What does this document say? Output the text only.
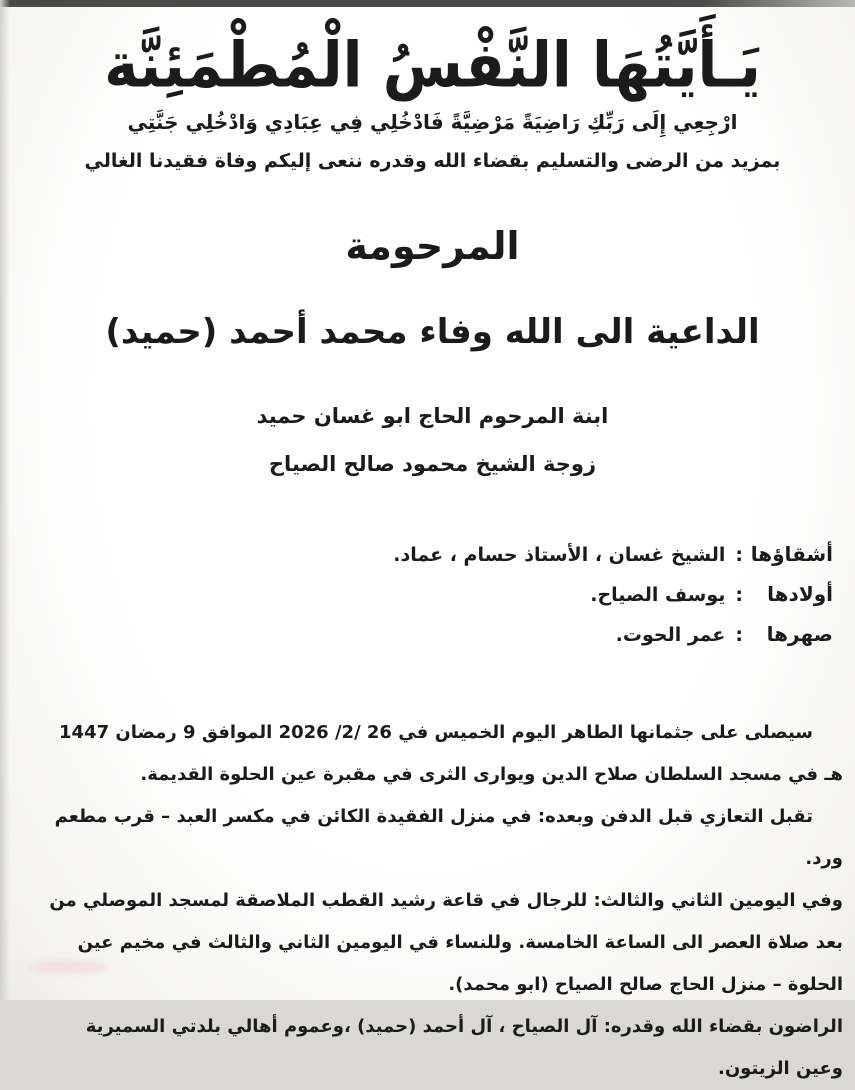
يَـأَيَّتُهَا النَّفْسُ الْمُطْمَئِنَّة
ارْجِعِي إِلَى رَبِّكِ رَاضِيَةً مَرْضِيَّةً فَادْخُلِي فِي عِبَادِي وَادْخُلِي جَنَّتِي

بمزيد من الرضى والتسليم بقضاء الله وقدره ننعى إليكم وفاة فقيدنا الغالي

المرحومة
الداعية الى الله وفاء محمد أحمد (حميد)

ابنة المرحوم الحاج ابو غسان حميد

زوجة الشيخ محمود صالح الصياح

أشقاؤها
:
الشيخ غسان ، الأستاذ حسام ، عماد.
أولادها
:
يوسف الصياح.
صهرها
:
عمر الحوت.

سيصلى على جثمانها الطاهر اليوم الخميس في 26 /2/ 2026 الموافق 9 رمضان 1447 هـ في مسجد السلطان صلاح الدين ويوارى الثرى في مقبرة عين الحلوة القديمة.

تقبل التعازي قبل الدفن وبعده: في منزل الفقيدة الكائن في مكسر العبد – قرب مطعم ورد.

وفي اليومين الثاني والثالث: للرجال في قاعة رشيد القطب الملاصقة لمسجد الموصلي من بعد صلاة العصر الى الساعة الخامسة. وللنساء في اليومين الثاني والثالث في مخيم عين الحلوة – منزل الحاج صالح الصياح (ابو محمد).

الراضون بقضاء الله وقدره: آل الصياح ، آل أحمد (حميد) ،وعموم أهالي بلدتي السميرية وعين الزيتون.
